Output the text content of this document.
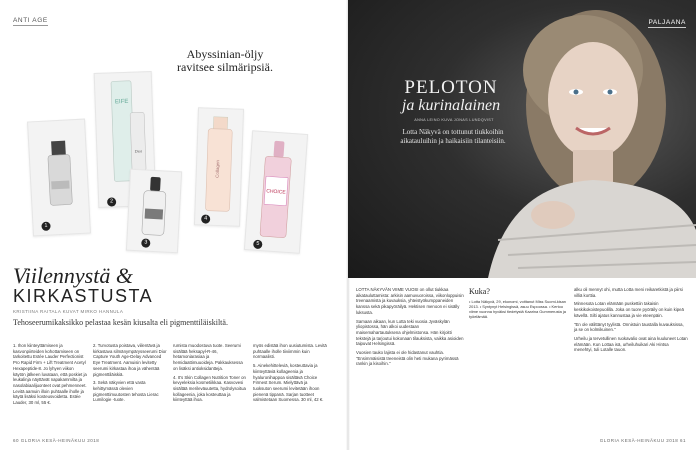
ANTI AGE
Abyssinian-öljy ravitsee silmäripsiä.
1
EIFE
Dior
2
3
Collagen
4
CHOICE
5
Viilennystä &
KIRKASTUSTA
KRISTIINA RAITALA KUVAT MIRKO HANNULA
Tehoseerumikaksikko pelastaa kesän kiusalta eli pigmenttiläiskiltä.

1. Ihon kiinteyttämiseen ja kasvonpiirteiden kohottamiseen on tarkoitettu Estée Lauder Perfectionist Pro Rapid Firm + Lift Treatment Acetyl Hexapeptide-8. Jo lyhyen viikon käytön jälkeen luvataan, että poskiet ja leukalinja näyttävät napakammilta ja nasolabiaalijuonteet ovat pehmenneet. Levitä aamuin illoin puhtaalle iholle ja käytä lisäksi kosteusvoidetta. Estée Lauder, 30 ml, 55 €.

2. Turvotusta poistava, viilentävä ja kirkastava silmänympärysseerumi Dior Capture Youth Age-Delay Advanced Eye Treatment. Aamuisin levitetty seerumi kirkastaa ihoa ja vähentää pigmenttiläiskiä.

3. Sekä näkyvien että vasta kehittymässä olevien pigmenttimuutosten tehosta Lierac Lumilogie -tuote.

rumista muodostuva tuote. Seerumi sisältää heksapyl-R-46, hetamoniarasiaa ja hemidaattimuuoideja. Pakkauksessa on lisäksi antioksidantteja.

4. It's Skin Collagen Nutrition Toner on kevyeleksia kosmetiikkaa. Kasvovesi sisältää merileväuutetta, hydrolysoitua kollageenia, joka kosteuttaa ja kiinteyttää ihoa.

myös edistää ihon uusiutumista. Levitä puhtaalle iholle tiiviimmin kuin normaalisti.

5. Ainekehitteleviä, kosteuttavia ja kiinteyttäviä kollageenia ja hyaluronihappoa sisältävä Choice Firmest Serum. Mielyttävä ja tuoksuton seerumi levitetään ihoon pienenä tippanä. Sarjan tuotteet valmistetaan Suomessa. 30 ml, 42 €.

60 GLORIA KESÄ-HEINÄKUU 2018
PALJAANA
PELOTON
ja kurinalainen
ANNA LEINO KUVA JONAS LUNDQVIST
Lotta Näkyvä on tottunut tiukkoihin aikatauluihin ja haikaisiin tilanteisiin.

LOTTA NÄKYVÄN VIIME VUOSI on ollut tiukkaa aikatauluttamista: arkisin aamuvuoroissa, viikonloppuisin treenaamista ja kuvauksia, yhteistyökumppaneiden kanssa sekä pikapyöräilyä. Hektisen menoon ei sisälly luksusta.

Samaan aikaan, kun Lotta teki vuosia Jyväskylän yliopistossa, hän alkoi uudestaan maisemahartautuksena ohjelmistonsa. Hän kirjoitti tekstejä ja tarjoutui kokonaan tilauksista, vaikka asioiden taipuvat Helsingissä.

Vuosien tauko lajista ei ole hidastanut vauhtia. "Ensimmäisistä treeneistä olin heti mukana pyrimässä rankin ja kisoihin."

Kuka?
• Lotta Näkyvä, 29, ekonomi, voittanut Miss Suomi-kisan 2013. • Syntynyt Helsingissä, asuu Espoossa. • Kertoo viime vuonna hyväksi tiedetystä Kaarina Gummerusta ja työelämää.

alku oli mennyt ohi, mutta Lotta meni reikaretkistä ja piirsi villiä korttia.

Minnesota Lotan elämään puskettiin takaisin keskikokoistepuolilla. Joka on tuore pyöräily on kuin kipeä kävellä. Silti ajatus kannustaa ja vie eteenpäin.

"En ole välittänyt tyylistä. Onnistuin taustalla kuvauksissa, ja se on kolmikuinen."

Urheilu ja tervetullinen ruokavalio ovat aina kuuluneet Lotan elämään. Kun Lottaa isä, urheiluhuikari Aki Hintsa menehtyi, tuli Lotalle tauon.

GLORIA KESÄ-HEINÄKUU 2018 61
